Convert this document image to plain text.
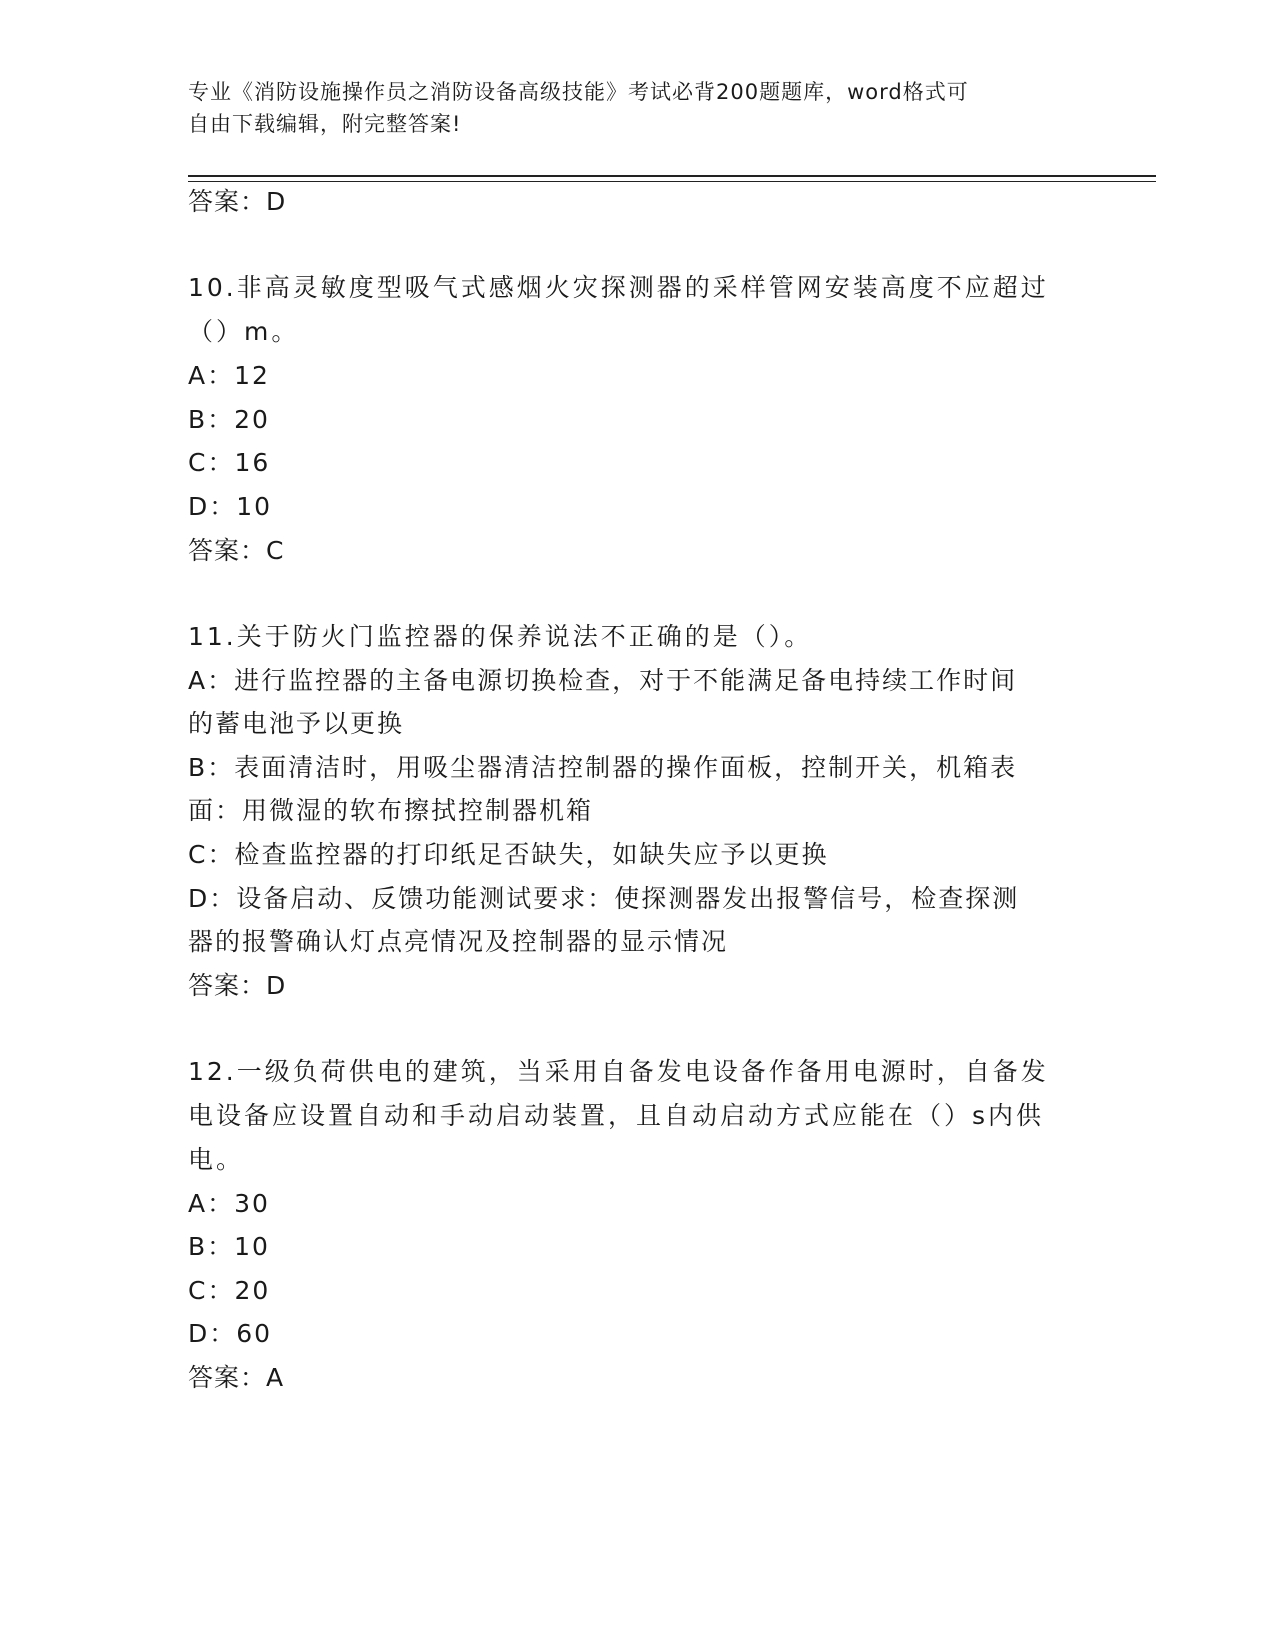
专业《消防设施操作员之消防设备高级技能》考试必背200题题库，word格式可
自由下载编辑，附完整答案!
答案：D
10.非高灵敏度型吸气式感烟火灾探测器的采样管网安装高度不应超过
（）m。
A：12
B：20
C：16
D：10
答案：C
11.关于防火门监控器的保养说法不正确的是（）。
A：进行监控器的主备电源切换检查，对于不能满足备电持续工作时间
的蓄电池予以更换
B：表面清洁时，用吸尘器清洁控制器的操作面板，控制开关，机箱表
面：用微湿的软布擦拭控制器机箱
C：检查监控器的打印纸足否缺失，如缺失应予以更换
D：设备启动、反馈功能测试要求：使探测器发出报警信号，检查探测
器的报警确认灯点亮情况及控制器的显示情况
答案：D
12.一级负荷供电的建筑，当采用自备发电设备作备用电源时，自备发
电设备应设置自动和手动启动装置，且自动启动方式应能在（）s内供
电。
A：30
B：10
C：20
D：60
答案：A
